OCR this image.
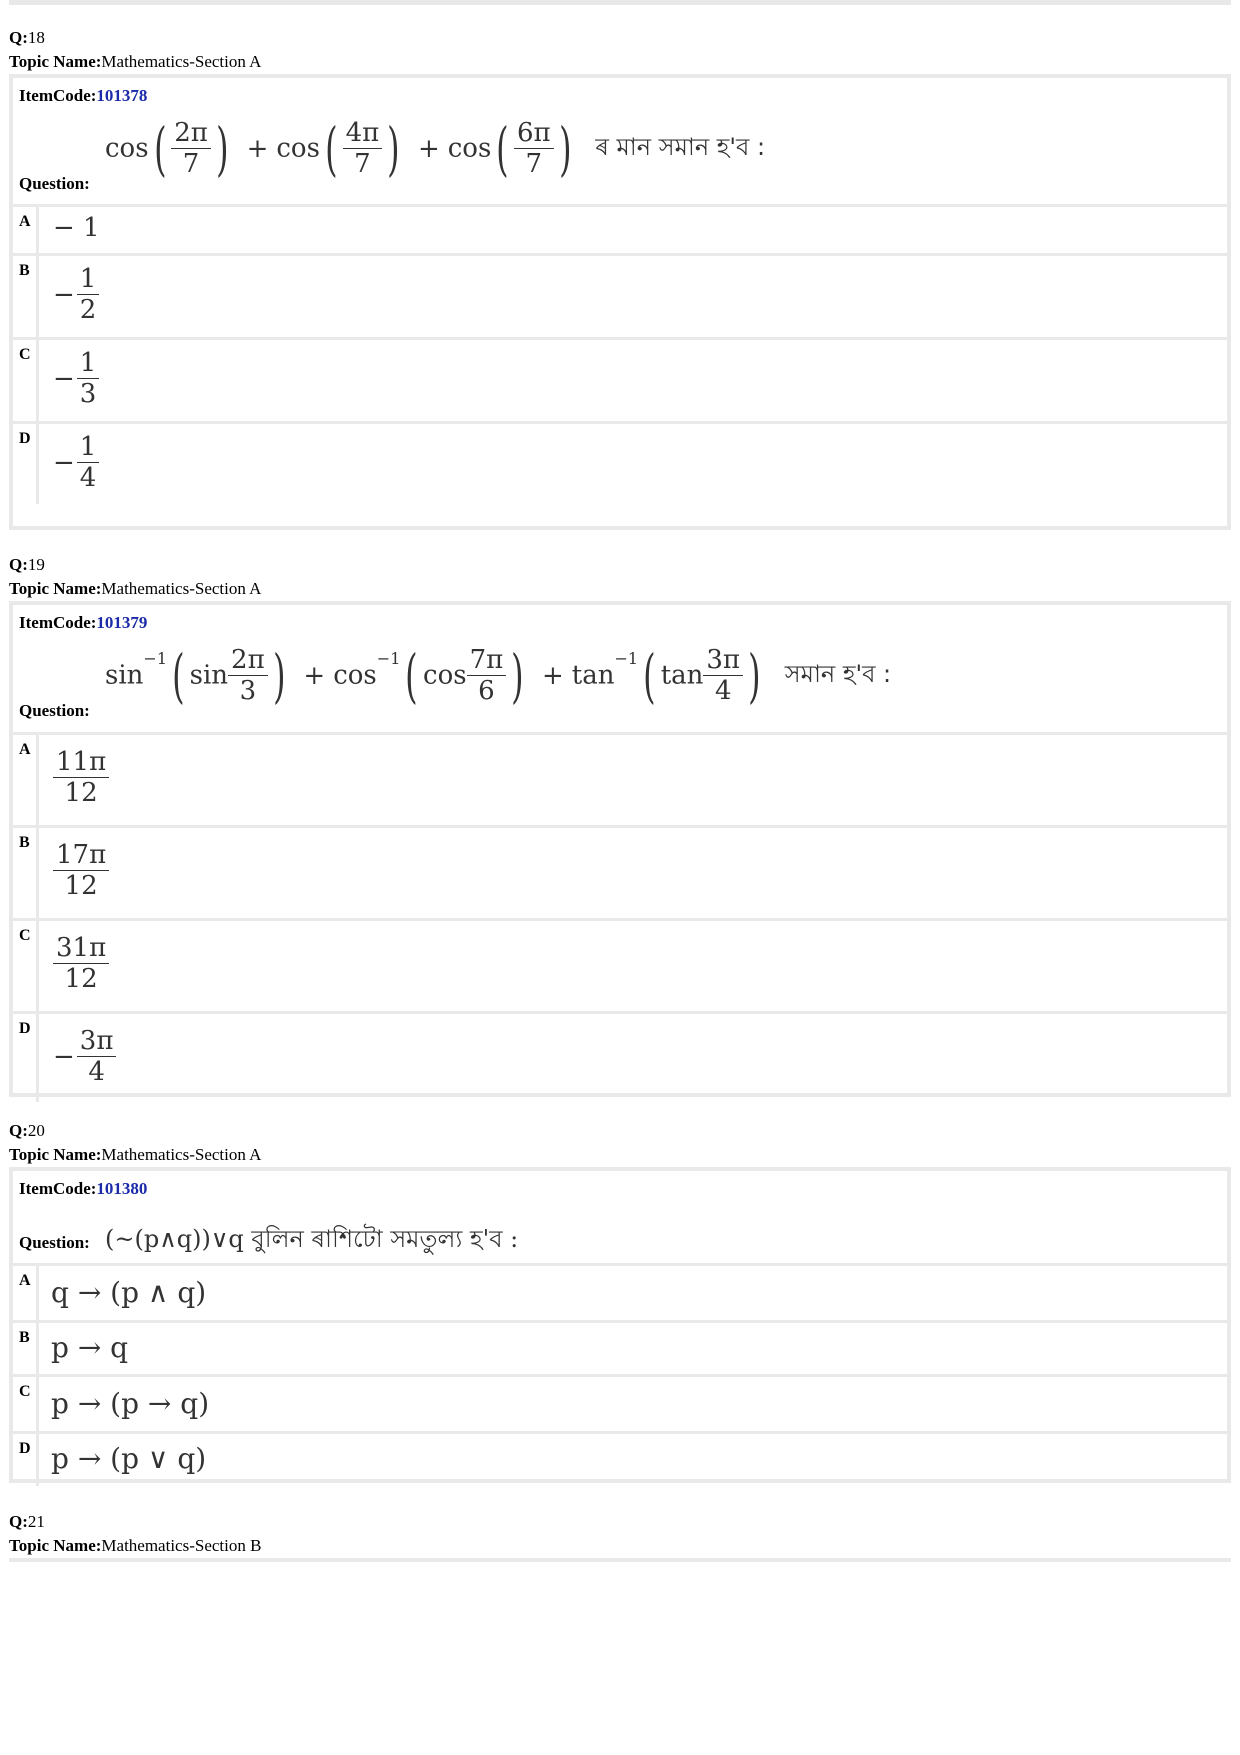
Q:18
Topic Name:Mathematics-Section A
ItemCode:101378
Question:
$\cos( \frac{2\pi}{7}$ ) + $\cos( \frac{4\pi}{7}$ ) + $\cos( \frac{6\pi}{7}$ ) ৰ মান সমান হ'ব :
A − 1
B
− $\frac{1}{2}$
C
− $\frac{1}{3}$
D
− $\frac{1}{4}$
Q:19
Topic Name:Mathematics-Section A
ItemCode:101379
Question:
sin−1( $\sin \frac{2\pi}{3}$ ) + cos−1( $\cos \frac{7\pi}{6}$ ) + tan−1( $\tan \frac{3\pi}{4}$ ) সমান হ'ব :
A $\frac{11\pi}{12}$
B $\frac{17\pi}{12}$
C $\frac{31\pi}{12}$
D
− $\frac{3\pi}{4}$
Q:20
Topic Name:Mathematics-Section A
ItemCode:101380
Question: (~(p∧q))∨q বুলিন ৰাশিটো সমতুল্য হ'ব :
A q → (p ∧ q)
B p → q
C p → (p → q)
D p → (p ∨ q)
Q:21
Topic Name:Mathematics-Section B
